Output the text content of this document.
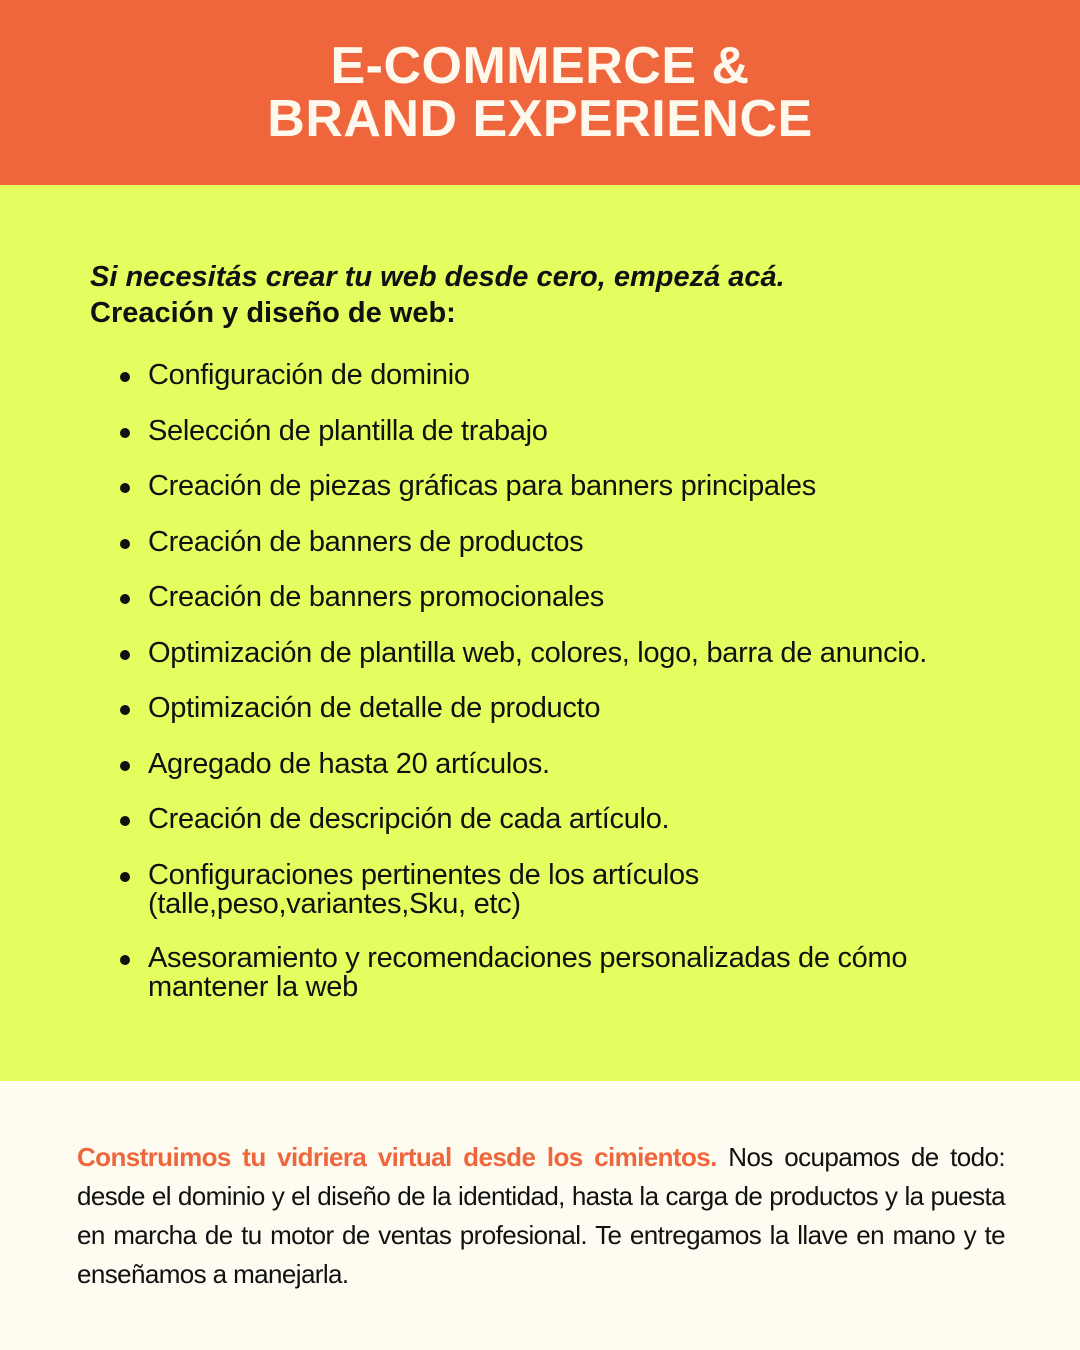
E-COMMERCE &
BRAND EXPERIENCE
Si necesitás crear tu web desde cero, empezá acá.
Creación y diseño de web:
Configuración de dominio
Selección de plantilla de trabajo
Creación de piezas gráficas para banners principales
Creación de banners de productos
Creación de banners promocionales
Optimización de plantilla web, colores, logo, barra de anuncio.
Optimización de detalle de producto
Agregado de hasta 20 artículos.
Creación de descripción de cada artículo.
Configuraciones pertinentes de los artículos (talle,peso,variantes,Sku, etc)
Asesoramiento y recomendaciones personalizadas de cómo mantener la web

Construimos tu vidriera virtual desde los cimientos. Nos ocupamos de todo: desde el dominio y el diseño de la identidad, hasta la carga de productos y la puesta en marcha de tu motor de ventas profesional. Te entregamos la llave en mano y te enseñamos a manejarla.
